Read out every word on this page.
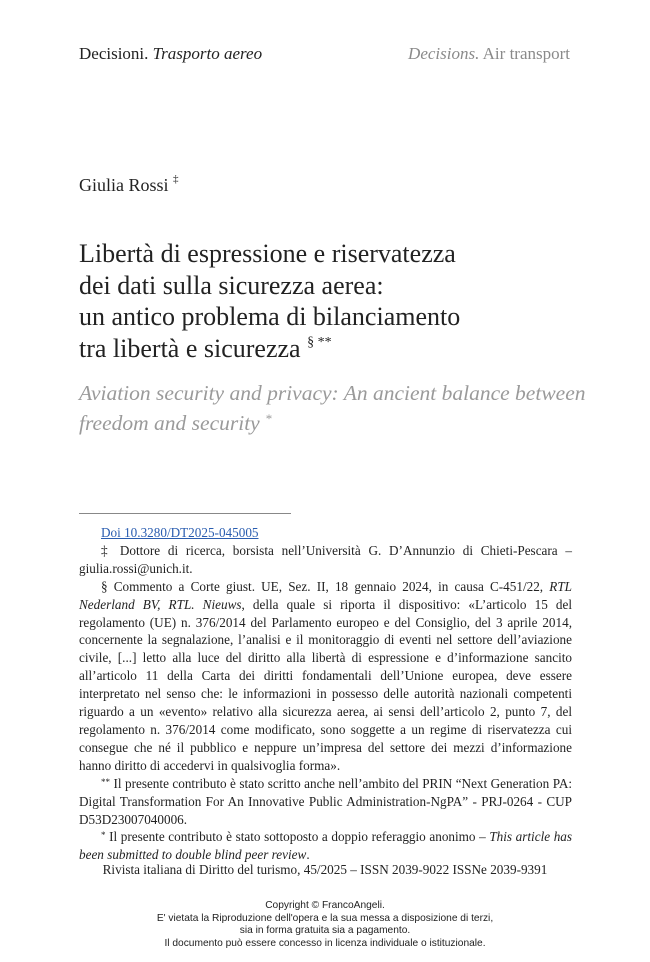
Decisioni. Trasporto aereo	Decisions. Air transport
Giulia Rossi ‡
Libertà di espressione e riservatezza
dei dati sulla sicurezza aerea:
un antico problema di bilanciamento
tra libertà e sicurezza § **
Aviation security and privacy: An ancient balance between
freedom and security *

Doi 10.3280/DT2025-045005

‡ Dottore di ricerca, borsista nell’Università G. D’Annunzio di Chieti-Pescara – giulia.rossi@unich.it.

§ Commento a Corte giust. UE, Sez. II, 18 gennaio 2024, in causa C-451/22, RTL Nederland BV, RTL. Nieuws, della quale si riporta il dispositivo: «L’articolo 15 del regolamento (UE) n. 376/2014 del Parlamento europeo e del Consiglio, del 3 aprile 2014, concernente la segnalazione, l’analisi e il monitoraggio di eventi nel settore dell’aviazione civile, [...] letto alla luce del diritto alla libertà di espressione e d’informazione sancito all’articolo 11 della Carta dei diritti fondamentali dell’Unione europea, deve essere interpretato nel senso che: le informazioni in possesso delle autorità nazionali competenti riguardo a un «evento» relativo alla sicurezza aerea, ai sensi dell’articolo 2, punto 7, del regolamento n. 376/2014 come modificato, sono soggette a un regime di riservatezza cui consegue che né il pubblico e neppure un’impresa del settore dei mezzi d’informazione hanno diritto di accedervi in qualsivoglia forma».

** Il presente contributo è stato scritto anche nell’ambito del PRIN “Next Generation PA: Digital Transformation For An Innovative Public Administration-NgPA” - PRJ-0264 - CUP D53D23007040006.

* Il presente contributo è stato sottoposto a doppio referaggio anonimo – This article has been submitted to double blind peer review.

Rivista italiana di Diritto del turismo, 45/2025 – ISSN 2039-9022 ISSNe 2039-9391
Copyright © FrancoAngeli.
E' vietata la Riproduzione dell'opera e la sua messa a disposizione di terzi,
sia in forma gratuita sia a pagamento.
Il documento può essere concesso in licenza individuale o istituzionale.
